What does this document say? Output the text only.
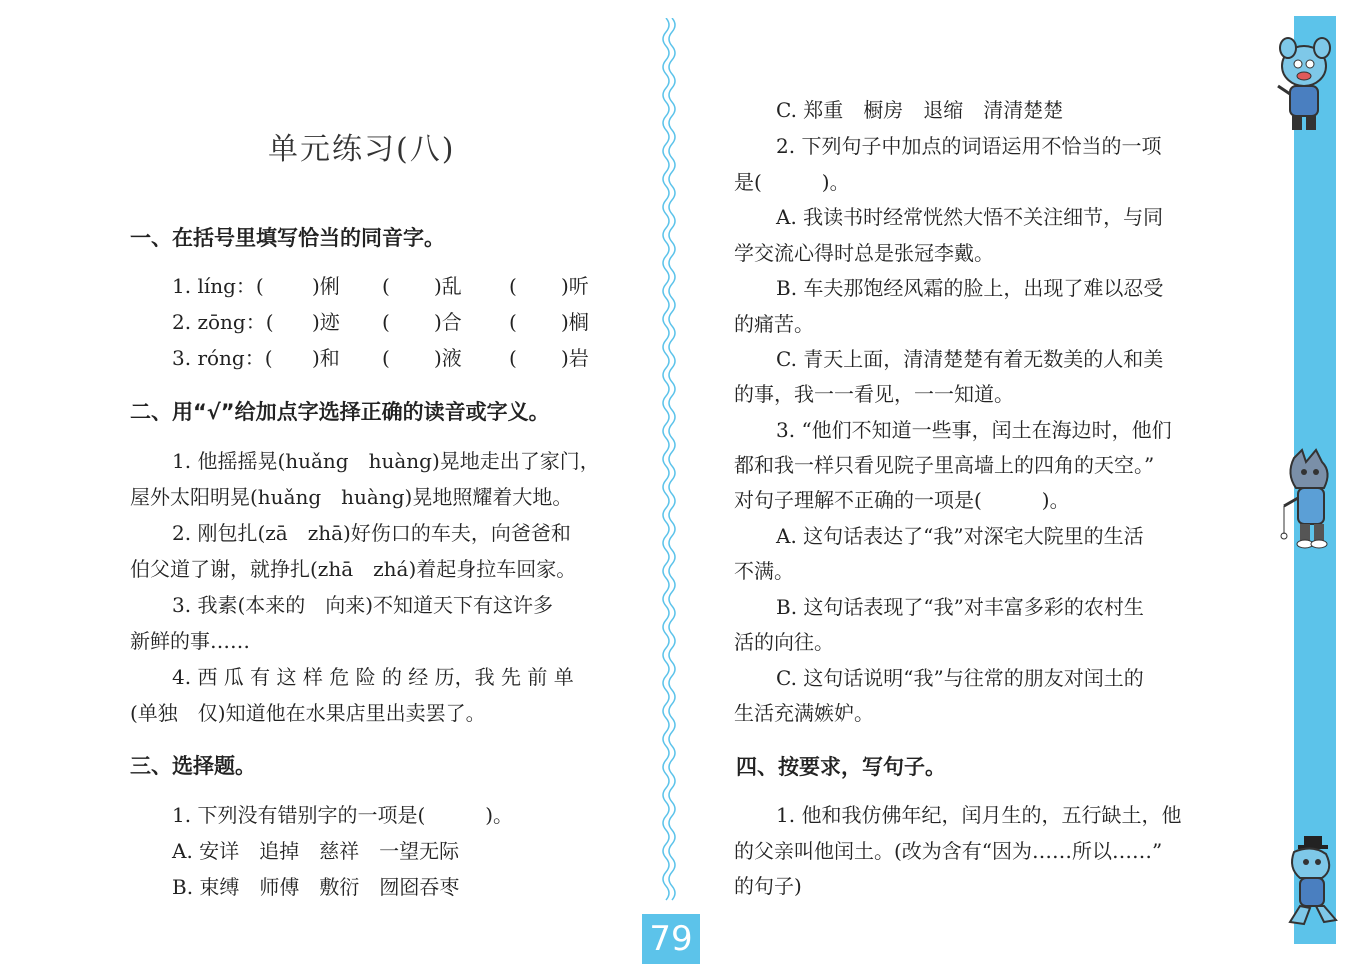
单元练习(八)
一、在括号里填写恰当的同音字。
1. líng：( )俐 ( )乱 ( )听
2. zōng：( )迹 ( )合 ( )榈
3. róng：( )和 ( )液 ( )岩
二、用“√”给加点字选择正确的读音或字义。
1. 他摇摇晃(huǎng　huàng)晃地走出了家门，
屋外太阳明晃(huǎng　huàng)晃地照耀着大地。
2. 刚包扎(zā　zhā)好伤口的车夫，向爸爸和
伯父道了谢，就挣扎(zhā　zhá)着起身拉车回家。
3. 我素(本来的　向来)不知道天下有这许多
新鲜的事……
4. 西 瓜 有 这 样 危 险 的 经 历，我 先 前 单
(单独　仅)知道他在水果店里出卖罢了。
三、选择题。
1. 下列没有错别字的一项是(　　　)。
A. 安详　追掉　慈祥　一望无际
B. 束缚　师傅　敷衍　囫囵吞枣
C. 郑重　橱房　退缩　清清楚楚
2. 下列句子中加点的词语运用不恰当的一项
是(　　　)。
A. 我读书时经常恍然大悟不关注细节，与同
学交流心得时总是张冠李戴。
B. 车夫那饱经风霜的脸上，出现了难以忍受
的痛苦。
C. 青天上面，清清楚楚有着无数美的人和美
的事，我一一看见，一一知道。
3. “他们不知道一些事，闰土在海边时，他们
都和我一样只看见院子里高墙上的四角的天空。”
对句子理解不正确的一项是(　　　)。
A. 这句话表达了“我”对深宅大院里的生活
不满。
B. 这句话表现了“我”对丰富多彩的农村生
活的向往。
C. 这句话说明“我”与往常的朋友对闰土的
生活充满嫉妒。
四、按要求，写句子。
1. 他和我仿佛年纪，闰月生的，五行缺土，他
的父亲叫他闰土。(改为含有“因为……所以……”
的句子)
79
